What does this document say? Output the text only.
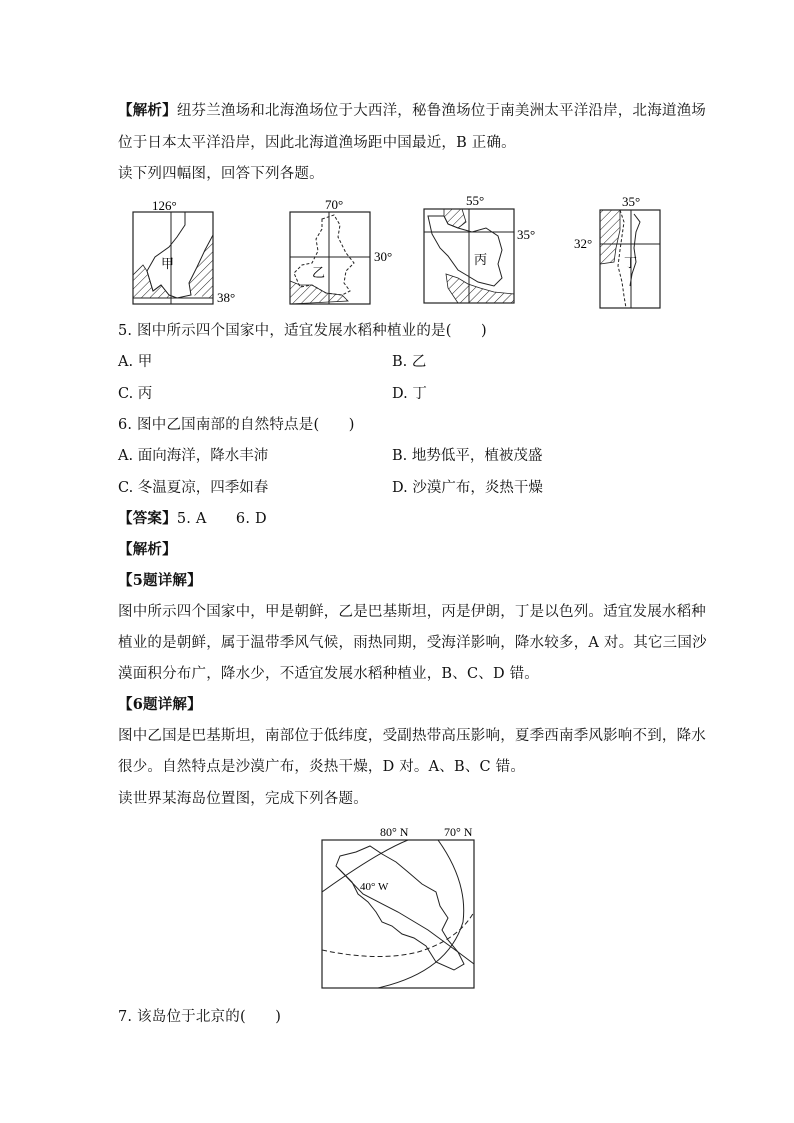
【解析】纽芬兰渔场和北海渔场位于大西洋，秘鲁渔场位于南美洲太平洋沿岸，北海道渔场
位于日本太平洋沿岸，因此北海道渔场距中国最近，B 正确。
读下列四幅图，回答下列各题。
126°
38°
甲
70°
30°
乙
55°
35°
丙
35°
32°
丁
5. 图中所示四个国家中，适宜发展水稻种植业的是(　　)
A. 甲	B. 乙
C. 丙	D. 丁
6. 图中乙国南部的自然特点是(　　)
A. 面向海洋，降水丰沛	B. 地势低平，植被茂盛
C. 冬温夏凉，四季如春	D. 沙漠广布，炎热干燥
【答案】5. A　　6. D
【解析】
【5题详解】
图中所示四个国家中，甲是朝鲜，乙是巴基斯坦，丙是伊朗，丁是以色列。适宜发展水稻种
植业的是朝鲜，属于温带季风气候，雨热同期，受海洋影响，降水较多，A 对。其它三国沙
漠面积分布广，降水少，不适宜发展水稻种植业，B、C、D 错。
【6题详解】
图中乙国是巴基斯坦，南部位于低纬度，受副热带高压影响，夏季西南季风影响不到，降水
很少。自然特点是沙漠广布，炎热干燥，D 对。A、B、C 错。
读世界某海岛位置图，完成下列各题。
80° N	70° N
40° W
7. 该岛位于北京的(　　)
